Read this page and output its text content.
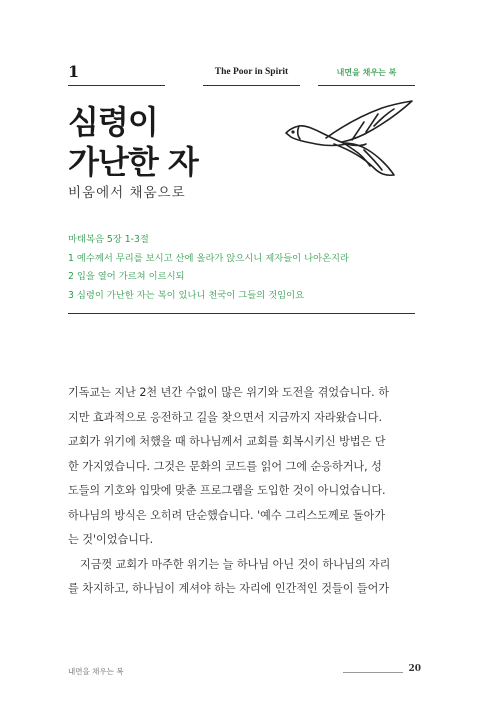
1	The Poor in Spirit	내면을 채우는 복
심령이
가난한 자
비움에서 채움으로
마태복음 5장 1-3절
1 예수께서 무리를 보시고 산에 올라가 앉으시니 제자들이 나아온지라
2 입을 열어 가르쳐 이르시되
3 심령이 가난한 자는 복이 있나니 천국이 그들의 것임이요
기독교는 지난 2천 년간 수없이 많은 위기와 도전을 겪었습니다. 하
지만 효과적으로 응전하고 길을 찾으면서 지금까지 자라왔습니다.
교회가 위기에 처했을 때 하나님께서 교회를 회복시키신 방법은 단
한 가지였습니다. 그것은 문화의 코드를 읽어 그에 순응하거나, 성
도들의 기호와 입맛에 맞춘 프로그램을 도입한 것이 아니었습니다.
하나님의 방식은 오히려 단순했습니다. '예수 그리스도께로 돌아가
는 것'이었습니다.
지금껏 교회가 마주한 위기는 늘 하나님 아닌 것이 하나님의 자리
를 차지하고, 하나님이 계셔야 하는 자리에 인간적인 것들이 들어가
내면을 채우는 복	20
